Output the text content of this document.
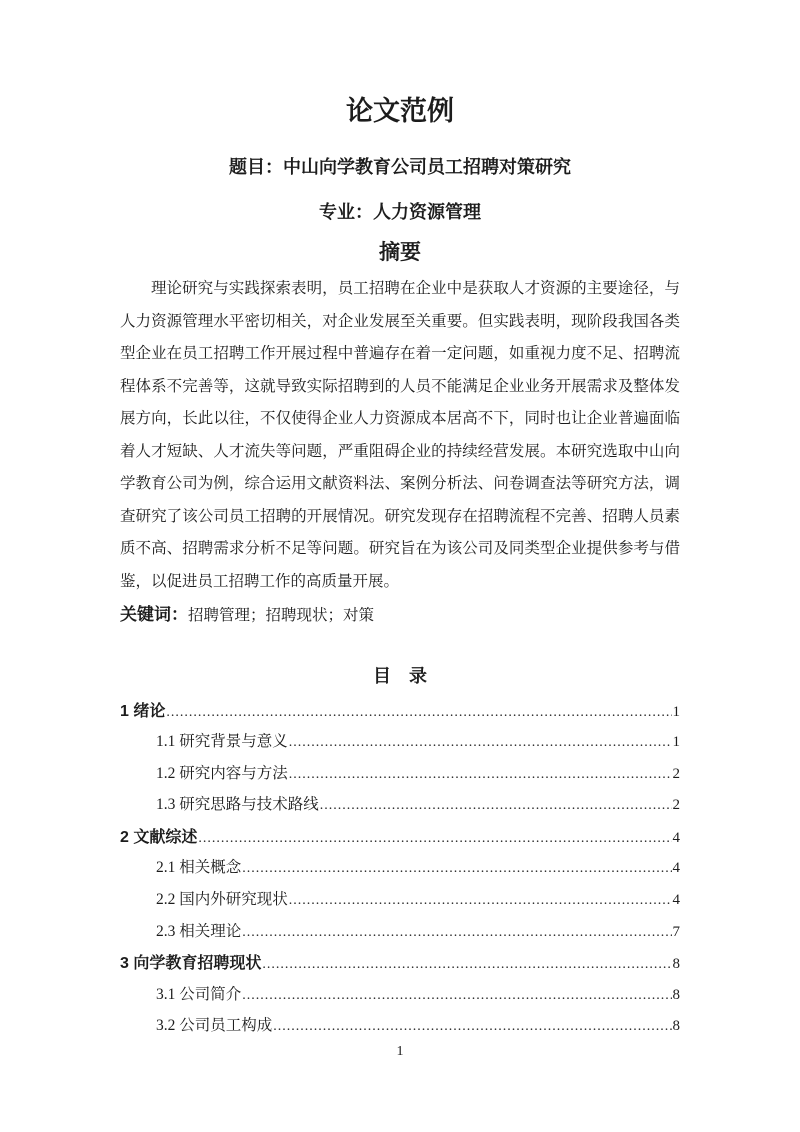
论文范例
题目：中山向学教育公司员工招聘对策研究
专业：人力资源管理
摘要
理论研究与实践探索表明，员工招聘在企业中是获取人才资源的主要途径，与人力资源管理水平密切相关，对企业发展至关重要。但实践表明，现阶段我国各类型企业在员工招聘工作开展过程中普遍存在着一定问题，如重视力度不足、招聘流程体系不完善等，这就导致实际招聘到的人员不能满足企业业务开展需求及整体发展方向，长此以往，不仅使得企业人力资源成本居高不下，同时也让企业普遍面临着人才短缺、人才流失等问题，严重阻碍企业的持续经营发展。本研究选取中山向学教育公司为例，综合运用文献资料法、案例分析法、问卷调查法等研究方法，调查研究了该公司员工招聘的开展情况。研究发现存在招聘流程不完善、招聘人员素质不高、招聘需求分析不足等问题。研究旨在为该公司及同类型企业提供参考与借鉴，以促进员工招聘工作的高质量开展。
关键词：招聘管理；招聘现状；对策
目　录
1 绪论 .....	1
1.1 研究背景与意义 .....	1
1.2 研究内容与方法 .....	2
1.3 研究思路与技术路线 .....	2
2 文献综述 .....	4
2.1 相关概念 .....	4
2.2 国内外研究现状 .....	4
2.3 相关理论 .....	7
3 向学教育招聘现状 .....	8
3.1 公司简介 .....	8
3.2 公司员工构成 .....	8
1
